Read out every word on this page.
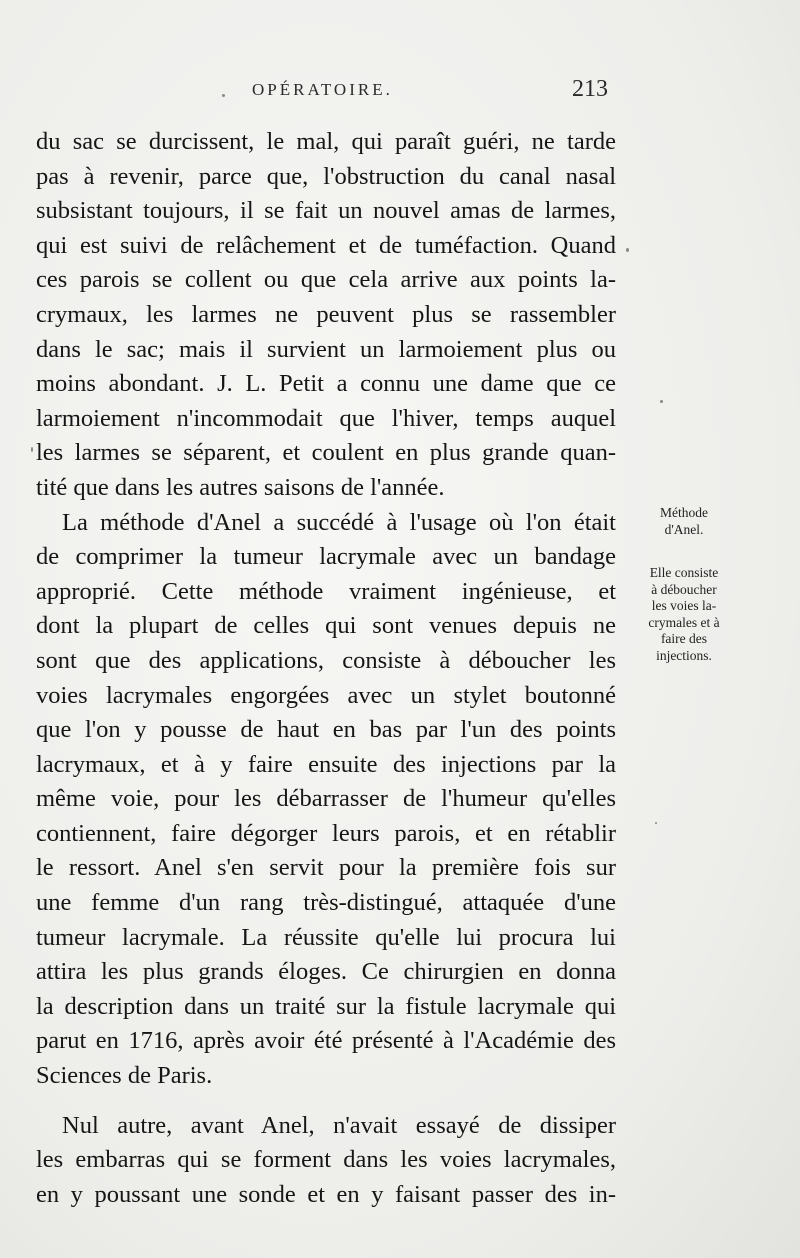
OPÉRATOIRE.	213
du sac se durcissent, le mal, qui paraît guéri, ne tarde
pas à revenir, parce que, l'obstruction du canal nasal
subsistant toujours, il se fait un nouvel amas de larmes,
qui est suivi de relâchement et de tuméfaction. Quand
ces parois se collent ou que cela arrive aux points la-
crymaux, les larmes ne peuvent plus se rassembler
dans le sac; mais il survient un larmoiement plus ou
moins abondant. J. L. Petit a connu une dame que ce
larmoiement n'incommodait que l'hiver, temps auquel
les larmes se séparent, et coulent en plus grande quan-
tité que dans les autres saisons de l'année.
La méthode d'Anel a succédé à l'usage où l'on était
de comprimer la tumeur lacrymale avec un bandage
approprié. Cette méthode vraiment ingénieuse, et
dont la plupart de celles qui sont venues depuis ne
sont que des applications, consiste à déboucher les
voies lacrymales engorgées avec un stylet boutonné
que l'on y pousse de haut en bas par l'un des points
lacrymaux, et à y faire ensuite des injections par la
même voie, pour les débarrasser de l'humeur qu'elles
contiennent, faire dégorger leurs parois, et en rétablir
le ressort. Anel s'en servit pour la première fois sur
une femme d'un rang très-distingué, attaquée d'une
tumeur lacrymale. La réussite qu'elle lui procura lui
attira les plus grands éloges. Ce chirurgien en donna
la description dans un traité sur la fistule lacrymale qui
parut en 1716, après avoir été présenté à l'Académie des
Sciences de Paris.
Nul autre, avant Anel, n'avait essayé de dissiper
les embarras qui se forment dans les voies lacrymales,
en y poussant une sonde et en y faisant passer des in-
Méthode
d'Anel.
Elle consiste
à déboucher
les voies la-
crymales et à
faire des
injections.
